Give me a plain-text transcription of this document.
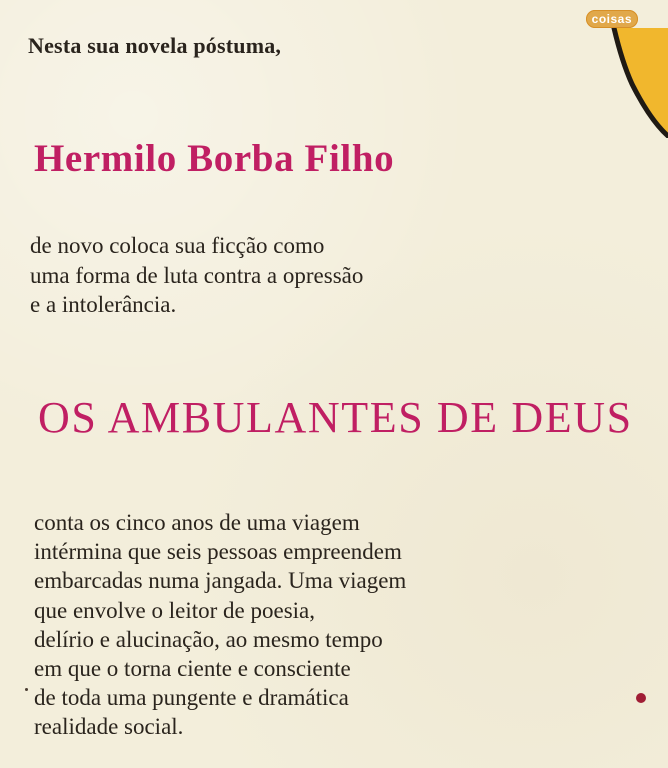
coisas

Nesta sua novela póstuma,

Hermilo Borba Filho
de novo coloca sua ficção como
uma forma de luta contra a opressão
e a intolerância.
OS AMBULANTES DE DEUS
conta os cinco anos de uma viagem
intérmina que seis pessoas empreendem
embarcadas numa jangada. Uma viagem
que envolve o leitor de poesia,
delírio e alucinação, ao mesmo tempo
em que o torna ciente e consciente
de toda uma pungente e dramática
realidade social.
